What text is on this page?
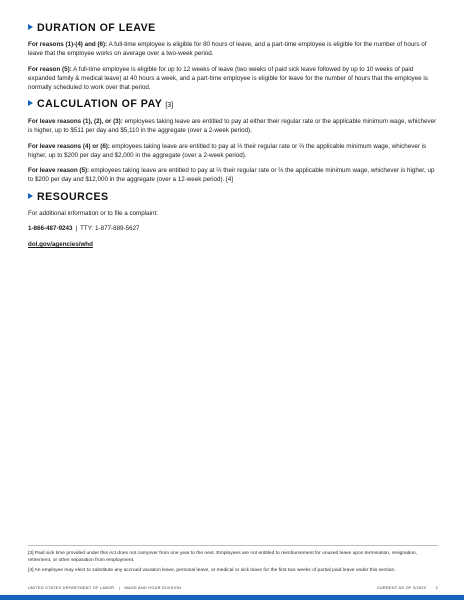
DURATION OF LEAVE

For reasons (1)-(4) and (6): A full-time employee is eligible for 80 hours of leave, and a part-time employee is eligible for the number of hours of leave that the employee works on average over a two-week period.

For reason (5): A full-time employee is eligible for up to 12 weeks of leave (two weeks of paid sick leave followed by up to 10 weeks of paid expanded family & medical leave) at 40 hours a week, and a part-time employee is eligible for leave for the number of hours that the employee is normally scheduled to work over that period.

CALCULATION OF PAY [3]

For leave reasons (1), (2), or (3): employees taking leave are entitled to pay at either their regular rate or the applicable minimum wage, whichever is higher, up to $511 per day and $5,110 in the aggregate (over a 2-week period).

For leave reasons (4) or (6): employees taking leave are entitled to pay at ⅔ their regular rate or ⅔ the applicable minimum wage, whichever is higher, up to $200 per day and $2,000 in the aggregate (over a 2-week period).

For leave reason (5): employees taking leave are entitled to pay at ⅔ their regular rate or ⅔ the applicable minimum wage, whichever is higher, up to $200 per day and $12,000 in the aggregate (over a 12-week period). [4]

RESOURCES

For additional information or to file a complaint:

1-866-487-9243 | TTY: 1-877-889-5627

dol.gov/agencies/whd

[3] Paid sick time provided under this Act does not carryover from one year to the next. Employees are not entitled to reimbursement for unused leave upon termination, resignation, retirement, or other separation from employment.

[4] An employee may elect to substitute any accrued vacation leave, personal leave, or medical or sick leave for the first two weeks of partial paid leave under this section.

UNITED STATES DEPARTMENT OF LABOR | WAGE AND HOUR DIVISION	CURRENT AS OF 3/2020 2
